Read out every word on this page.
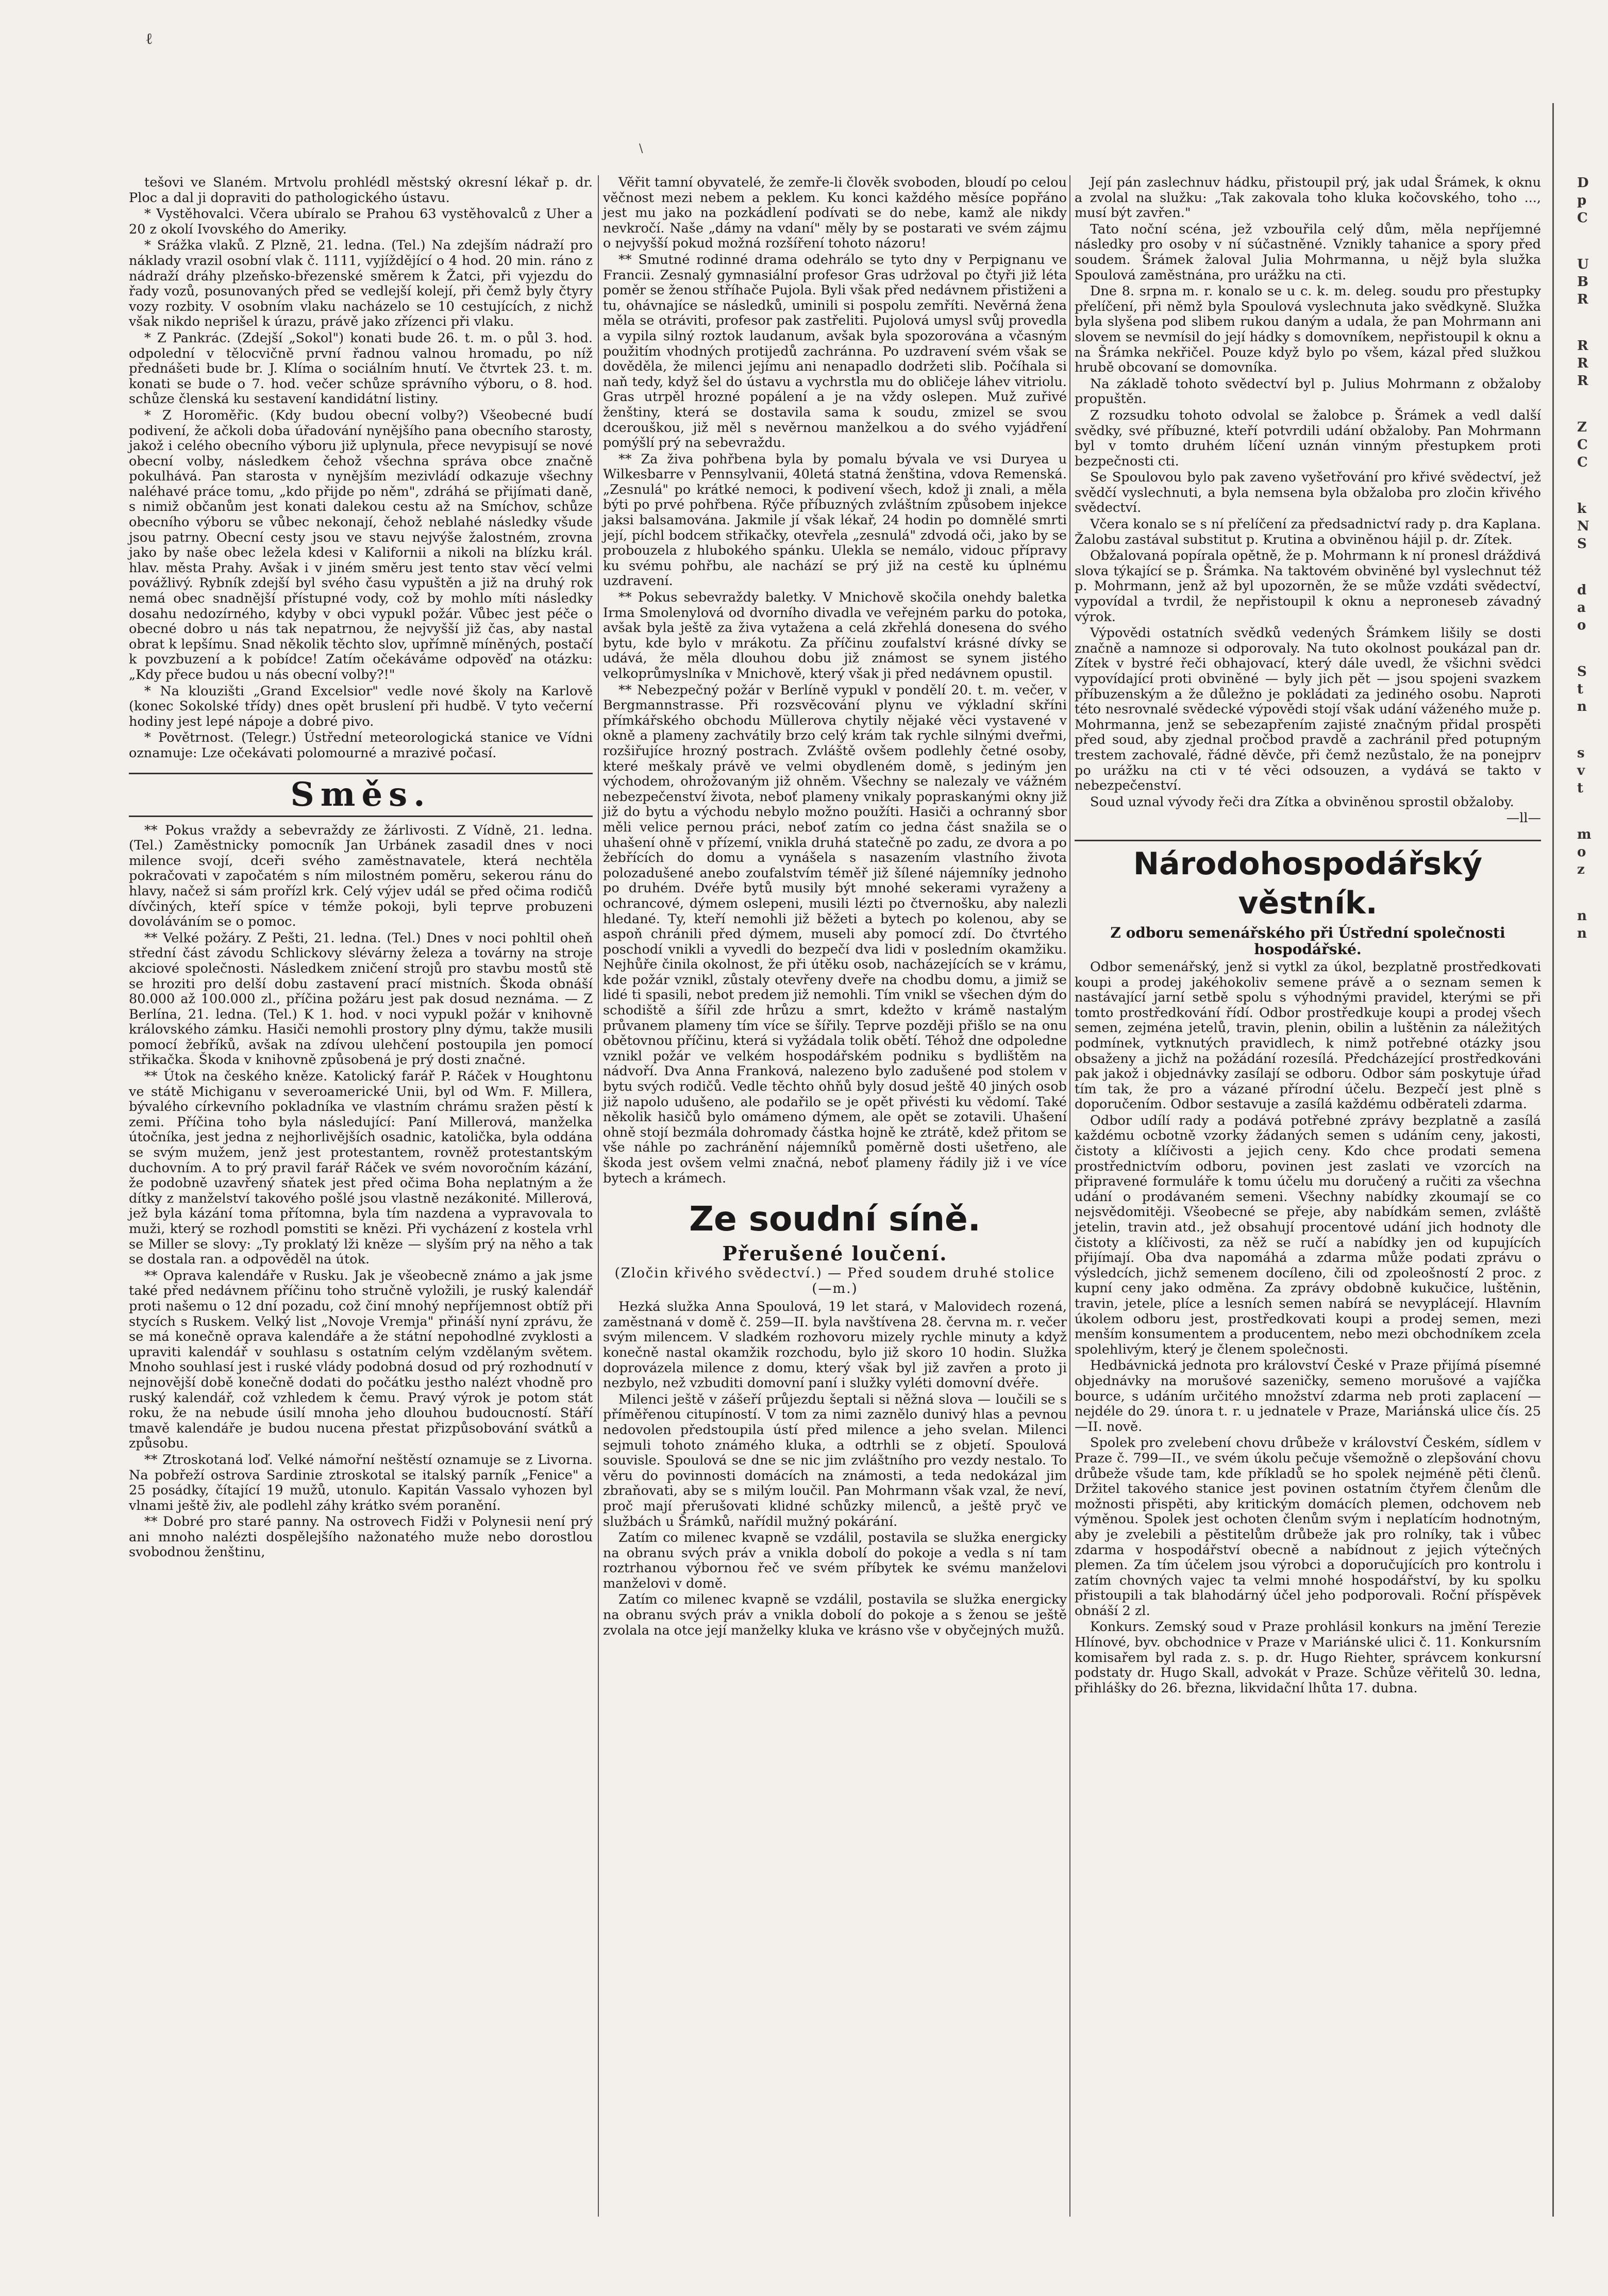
ℓ
\

tešovi ve Slaném. Mrtvolu prohlédl městský okresní lékař p. dr. Ploc a dal ji dopraviti do pathologického ústavu.

* Vystěhovalci. Včera ubíralo se Prahou 63 vystěhovalců z Uher a 20 z okolí Ivovského do Ameriky.

* Srážka vlaků. Z Plzně, 21. ledna. (Tel.) Na zdejším nádraží pro náklady vrazil osobní vlak č. 1111, vyjíždějící o 4 hod. 20 min. ráno z nádraží dráhy plzeňsko-březenské směrem k Žatci, při vyjezdu do řady vozů, posunovaných před se vedlejší kolejí, při čemž byly čtyry vozy rozbity. V osobním vlaku nacházelo se 10 cestujících, z nichž však nikdo neprišel k úrazu, právě jako zřízenci při vlaku.

* Z Pankrác. (Zdejší „Sokol") konati bude 26. t. m. o půl 3. hod. odpolední v tělocvičně první řadnou valnou hromadu, po níž přednášeti bude br. J. Klíma o sociálním hnutí. Ve čtvrtek 23. t. m. konati se bude o 7. hod. večer schůze správního výboru, o 8. hod. schůze členská ku sestavení kandidátní listiny.

* Z Horoměřic. (Kdy budou obecní volby?) Všeobecné budí podivení, že ačkoli doba úřadování nynějšího pana obecního starosty, jakož i celého obecního výboru již uplynula, přece nevypisují se nové obecní volby, následkem čehož všechna správa obce značně pokulhává. Pan starosta v nynějším mezivládí odkazuje všechny naléhavé práce tomu, „kdo přijde po něm", zdráhá se přijímati daně, s nimiž občanům jest konati dalekou cestu až na Smíchov, schůze obecního výboru se vůbec nekonají, čehož neblahé následky všude jsou patrny. Obecní cesty jsou ve stavu nejvýše žalostném, zrovna jako by naše obec ležela kdesi v Kalifornii a nikoli na blízku král. hlav. města Prahy. Avšak i v jiném směru jest tento stav věcí velmi povážlivý. Rybník zdejší byl svého času vypuštěn a již na druhý rok nemá obec snadnější přístupné vody, což by mohlo míti následky dosahu nedozírného, kdyby v obci vypukl požár. Vůbec jest péče o obecné dobro u nás tak nepatrnou, že nejvyšší již čas, aby nastal obrat k lepšímu. Snad několik těchto slov, upřímně míněných, postačí k povzbuzení a k pobídce! Zatím očekáváme odpověď na otázku: „Kdy přece budou u nás obecní volby?!"

* Na klouzišti „Grand Excelsior" vedle nové školy na Karlově (konec Sokolské třídy) dnes opět bruslení při hudbě. V tyto večerní hodiny jest lepé nápoje a dobré pivo.

* Povětrnost. (Telegr.) Ústřední meteorologická stanice ve Vídni oznamuje: Lze očekávati polomourné a mrazivé počasí.

Směs.

** Pokus vraždy a sebevraždy ze žárlivosti. Z Vídně, 21. ledna. (Tel.) Zaměstnicky pomocník Jan Urbánek zasadil dnes v noci milence svojí, dceři svého zaměstnavatele, která nechtěla pokračovati v započatém s ním milostném poměru, sekerou ránu do hlavy, načež si sám prořízl krk. Celý výjev udál se před očima rodičů dívčiných, kteří spíce v témže pokoji, byli teprve probuzeni dovoláváním se o pomoc.

** Velké požáry. Z Pešti, 21. ledna. (Tel.) Dnes v noci pohltil oheň střední část závodu Schlickovy slévárny železa a továrny na stroje akciové společnosti. Následkem zničení strojů pro stavbu mostů stě se hroziti pro delší dobu zastavení prací mistních. Škoda obnáší 80.000 až 100.000 zl., příčina požáru jest pak dosud neznáma. — Z Berlína, 21. ledna. (Tel.) K 1. hod. v noci vypukl požár v knihovně královského zámku. Hasiči nemohli prostory plny dýmu, takže musili pomocí žebříků, avšak na zdívou ulehčení postoupila jen pomocí střikačka. Škoda v knihovně způsobená je prý dosti značné.

** Útok na českého kněze. Katolický farář P. Ráček v Houghtonu ve státě Michiganu v severoamerické Unii, byl od Wm. F. Millera, bývalého církevního pokladníka ve vlastním chrámu sražen pěstí k zemi. Příčina toho byla následující: Paní Millerová, manželka útočníka, jest jedna z nejhorlivějších osadnic, katolička, byla oddána se svým mužem, jenž jest protestantem, rovněž protestantským duchovním. A to prý pravil farář Ráček ve svém novoročním kázání, že podobně uzavřený sňatek jest před očima Boha neplatným a že dítky z manželství takového pošlé jsou vlastně nezákonité. Millerová, jež byla kázání toma přítomna, byla tím nazdena a vypravovala to muži, který se rozhodl pomstiti se knězi. Při vycházení z kostela vrhl se Miller se slovy: „Ty proklatý lži kněze — slyším prý na něho a tak se dostala ran. a odpověděl na útok.

** Oprava kalendáře v Rusku. Jak je všeobecně známo a jak jsme také před nedávnem příčinu toho stručně vyložili, je ruský kalendář proti našemu o 12 dní pozadu, což činí mnohý nepříjemnost obtíž při stycích s Ruskem. Velký list „Novoje Vremja" přináší nyní zprávu, že se má konečně oprava kalendáře a že státní nepohodlné zvyklosti a upraviti kalendář v souhlasu s ostatním celým vzdělaným světem. Mnoho souhlasí jest i ruské vlády podobná dosud od prý rozhodnutí v nejnovější době konečně dodati do počátku jestho nalézt vhodně pro ruský kalendář, což vzhledem k čemu. Pravý výrok je potom stát roku, že na nebude úsilí mnoha jeho dlouhou budoucností. Stáří tmavě kalendáře je budou nucena přestat přizpůsobování svátků a způsobu.

** Ztroskotaná loď. Velké námořní neštěstí oznamuje se z Livorna. Na pobřeží ostrova Sardinie ztroskotal se italský parník „Fenice" a 25 posádky, čítající 19 mužů, utonulo. Kapitán Vassalo vyhozen byl vlnami ještě živ, ale podlehl záhy krátko svém poranění.

** Dobré pro staré panny. Na ostrovech Fidži v Polynesii není prý ani mnoho nalézti dospělejšího nažonatého muže nebo dorostlou svobodnou ženštinu,

Věřit tamní obyvatelé, že zemře-li člověk svoboden, bloudí po celou věčnost mezi nebem a peklem. Ku konci každého měsíce popřáno jest mu jako na pozkádlení podívati se do nebe, kamž ale nikdy nevkročí. Naše „dámy na vdaní" měly by se postarati ve svém zájmu o nejvyšší pokud možná rozšíření tohoto názoru!

** Smutné rodinné drama odehrálo se tyto dny v Perpignanu ve Francii. Zesnalý gymnasiální profesor Gras udržoval po čtyři již léta poměr se ženou stříhače Pujola. Byli však před nedávnem přistiženi a tu, ohávnajíce se následků, uminili si pospolu zemříti. Nevěrná žena měla se otráviti, profesor pak zastřeliti. Pujolová umysl svůj provedla a vypila silný roztok laudanum, avšak byla spozorována a včasným použitím vhodných protijedů zachránna. Po uzdravení svém však se dověděla, že milenci jejímu ani nenapadlo dodržeti slib. Počíhala si naň tedy, když šel do ústavu a vychrstla mu do obličeje láhev vitriolu. Gras utrpěl hrozné popálení a je na vždy oslepen. Muž zuřivé ženštiny, která se dostavila sama k soudu, zmizel se svou dcerouškou, již měl s nevěrnou manželkou a do svého vyjádření pomýšlí prý na sebevraždu.

** Za živa pohřbena byla by pomalu bývala ve vsi Duryea u Wilkesbarre v Pennsylvanii, 40letá statná ženština, vdova Remenská. „Zesnulá" po krátké nemoci, k podivení všech, kdož ji znali, a měla býti po prvé pohřbena. Rýče příbuzných zvláštním způsobem injekce jaksi balsamována. Jakmile jí však lékař, 24 hodin po domnělé smrti její, píchl bodcem střikačky, otevřela „zesnulá" zdvodá oči, jako by se probouzela z hlubokého spánku. Ulekla se nemálo, vidouc přípravy ku svému pohřbu, ale nachází se prý již na cestě ku úplnému uzdravení.

** Pokus sebevraždy baletky. V Mnichově skočila onehdy baletka Irma Smolenylová od dvorního divadla ve veřejném parku do potoka, avšak byla ještě za živa vytažena a celá zkřehlá donesena do svého bytu, kde bylo v mrákotu. Za příčinu zoufalství krásné dívky se udává, že měla dlouhou dobu již známost se synem jistého velkoprůmyslníka v Mnichově, který však ji před nedávnem opustil.

** Nebezpečný požár v Berlíně vypukl v pondělí 20. t. m. večer, v Bergmannstrasse. Při rozsvěcování plynu ve výkladní skříni přímkářského obchodu Müllerova chytily nějaké věci vystavené v okně a plameny zachvátily brzo celý krám tak rychle silnými dveřmi, rozšiřujíce hrozný postrach. Zvláště ovšem podlehly četné osoby, které meškaly právě ve velmi obydleném domě, s jediným jen východem, ohrožovaným již ohněm. Všechny se nalezaly ve vážném nebezpečenství života, neboť plameny vnikaly popraskanými okny již již do bytu a východu nebylo možno použíti. Hasiči a ochranný sbor měli velice pernou práci, neboť zatím co jedna část snažila se o uhašení ohně v přízemí, vnikla druhá statečně po zadu, ze dvora a po žebřících do domu a vynášela s nasazením vlastního života polozadušené anebo zoufalstvím téměř již šílené nájemníky jednoho po druhém. Dvéře bytů musily být mnohé sekerami vyraženy a ochrancové, dýmem oslepeni, musili lézti po čtvernošku, aby nalezli hledané. Ty, kteří nemohli již běžeti a bytech po kolenou, aby se aspoň chránili před dýmem, museli aby pomocí zdí. Do čtvrtého poschodí vnikli a vyvedli do bezpečí dva lidi v posledním okamžiku. Nejhůře činila okolnost, že při útěku osob, nacházejících se v krámu, kde požár vznikl, zůstaly otevřeny dveře na chodbu domu, a jimiž se lidé ti spasili, nebot predem již nemohli. Tím vnikl se všechen dým do schodiště a šířil zde hrůzu a smrt, kdežto v krámě nastalým průvanem plameny tím více se šířily. Teprve později přišlo se na onu obětovnou příčinu, která si vyžádala tolik obětí. Téhož dne odpoledne vznikl požár ve velkém hospodářském podniku s bydlištěm na nádvoří. Dva Anna Franková, nalezeno bylo zadušené pod stolem v bytu svých rodičů. Vedle těchto ohňů byly dosud ještě 40 jiných osob již napolo udušeno, ale podařilo se je opět přivésti ku vědomí. Také několik hasičů bylo omámeno dýmem, ale opět se zotavili. Uhašení ohně stojí bezmála dohromady částka hojně ke ztrátě, kdež přitom se vše náhle po zachránění nájemníků poměrně dosti ušetřeno, ale škoda jest ovšem velmi značná, neboť plameny řádily již i ve více bytech a krámech.

Ze soudní síně.
Přerušené loučení.
(Zločin křivého svědectví.) — Před soudem druhé stolice (—m.)

Hezká služka Anna Spoulová, 19 let stará, v Malovidech rozená, zaměstnaná v domě č. 259—II. byla navštívena 28. června m. r. večer svým milencem. V sladkém rozhovoru mizely rychle minuty a když konečně nastal okamžik rozchodu, bylo již skoro 10 hodin. Služka doprovázela milence z domu, který však byl již zavřen a proto ji nezbylo, než vzbuditi domovní paní i služky vyléti domovní dvéře.

Milenci ještě v zášeří průjezdu šeptali si něžná slova — loučili se s příměřenou citupíností. V tom za nimi zaznělo dunivý hlas a pevnou nedovolen předstoupila ústí před milence a jeho svelan. Milenci sejmuli tohoto známého kluka, a odtrhli se z objetí. Spoulová souvisle. Spoulová se dne se nic jim zvláštního pro vezdy nestalo. To věru do povinnosti domácích na známosti, a teda nedokázal jim zbraňovati, aby se s milým loučil. Pan Mohrmann však vzal, že neví, proč mají přerušovati klidné schůzky milenců, a ještě pryč ve službách u Šrámků, nařídil mužný pokárání.

Zatím co milenec kvapně se vzdálil, postavila se služka energicky na obranu svých práv a vnikla dobolí do pokoje a vedla s ní tam roztrhanou výbornou řeč ve svém příbytek ke svému manželovi manželovi v domě.

Zatím co milenec kvapně se vzdálil, postavila se služka energicky na obranu svých práv a vnikla dobolí do pokoje a s ženou se ještě zvolala na otce její manželky kluka ve krásno vše v obyčejných mužů.

Její pán zaslechnuv hádku, přistoupil prý, jak udal Šrámek, k oknu a zvolal na služku: „Tak zakovala toho kluka kočovského, toho ..., musí být zavřen."

Tato noční scéna, jež vzbouřila celý dům, měla nepříjemné následky pro osoby v ní súčastněné. Vznikly tahanice a spory před soudem. Šrámek žaloval Julia Mohrmanna, u nějž byla služka Spoulová zaměstnána, pro urážku na cti.

Dne 8. srpna m. r. konalo se u c. k. m. deleg. soudu pro přestupky přelíčení, při němž byla Spoulová vyslechnuta jako svědkyně. Služka byla slyšena pod slibem rukou daným a udala, že pan Mohrmann ani slovem se nevmísil do její hádky s domovníkem, nepřistoupil k oknu a na Šrámka nekřičel. Pouze když bylo po všem, kázal před služkou hrubě obcovaní se domovníka.

Na základě tohoto svědectví byl p. Julius Mohrmann z obžaloby propuštěn.

Z rozsudku tohoto odvolal se žalobce p. Šrámek a vedl další svědky, své příbuzné, kteří potvrdili udání obžaloby. Pan Mohrmann byl v tomto druhém líčení uznán vinným přestupkem proti bezpečnosti cti.

Se Spoulovou bylo pak zaveno vyšetřování pro křivé svědectví, jež svědčí vyslechnuti, a byla nemsena byla obžaloba pro zločin křivého svědectví.

Včera konalo se s ní přelíčení za předsadnictví rady p. dra Kaplana. Žalobu zastával substitut p. Krutina a obviněnou hájil p. dr. Zítek.

Obžalovaná popírala opětně, že p. Mohrmann k ní pronesl dráždivá slova týkající se p. Šrámka. Na taktovém obviněné byl vyslechnut též p. Mohrmann, jenž až byl upozorněn, že se může vzdáti svědectví, vypovídal a tvrdil, že nepřistoupil k oknu a neproneseb závadný výrok.

Výpovědi ostatních svědků vedených Šrámkem lišily se dosti značně a namnoze si odporovaly. Na tuto okolnost poukázal pan dr. Zítek v bystré řeči obhajovací, který dále uvedl, že všichni svědci vypovídající proti obviněné — byly jich pět — jsou spojeni svazkem příbuzenským a že důležno je pokládati za jediného osobu. Naproti této nesrovnalé svědecké výpovědi stojí však udání váženého muže p. Mohrmanna, jenž se sebezapřením zajisté značným přidal prospěti před soud, aby zjednal pročbod pravdě a zachránil před potupným trestem zachovalé, řádné děvče, při čemž nezůstalo, že na ponejprv po urážku na cti v té věci odsouzen, a vydává se takto v nebezpečenství.

Soud uznal vývody řeči dra Zítka a obviněnou sprostil obžaloby.

—ll—

Národohospodářský věstník.
Z odboru semenářského při Ústřední společnosti hospodářské.

Odbor semenářský, jenž si vytkl za úkol, bezplatně prostředkovati koupi a prodej jakéhokoliv semene právě a o seznam semen k nastávající jarní setbě spolu s výhodnými pravidel, kterými se při tomto prostředkování řídí. Odbor prostředkuje koupi a prodej všech semen, zejména jetelů, travin, plenin, obilin a luštěnin za náležitých podmínek, vytknutých pravidlech, k nimž potřebné otázky jsou obsaženy a jichž na požádání rozesílá. Předcházející prostředkováni pak jakož i objednávky zasílají se odboru. Odbor sám poskytuje úřad tím tak, že pro a vázané přírodní účelu. Bezpečí jest plně s doporučením. Odbor sestavuje a zasílá každému odběrateli zdarma.

Odbor udílí rady a podává potřebné zprávy bezplatně a zasílá každému ocbotně vzorky žádaných semen s udáním ceny, jakosti, čistoty a klíčivosti a jejich ceny. Kdo chce prodati semena prostřednictvím odboru, povinen jest zaslati ve vzorcích na připravené formuláře k tomu účelu mu doručený a ručiti za všechna udání o prodávaném semeni. Všechny nabídky zkoumají se co nejsvědomitěji. Všeobecné se přeje, aby nabídkám semen, zvláště jetelin, travin atd., jež obsahují procentové udání jich hodnoty dle čistoty a klíčivosti, za něž se ručí a nabídky jen od kupujících přijímají. Oba dva napomáhá a zdarma může podati zprávu o výsledcích, jichž semenem docíleno, čili od zpoleošností 2 proc. z kupní ceny jako odměna. Za zprávy obdobně kukučice, luštěnin, travin, jetele, plíce a lesních semen nabírá se nevyplácejí. Hlavním úkolem odboru jest, prostředkovati koupi a prodej semen, mezi menším konsumentem a producentem, nebo mezi obchodníkem zcela spolehlivým, který je členem společnosti.

Hedbávnická jednota pro království České v Praze přijímá písemné objednávky na morušové sazeničky, semeno morušové a vajíčka bource, s udáním určitého množství zdarma neb proti zaplacení — nejdéle do 29. února t. r. u jednatele v Praze, Mariánská ulice čís. 25—II. nově.

Spolek pro zvelebení chovu drůbeže v království Českém, sídlem v Praze č. 799—II., ve svém úkolu pečuje všemožně o zlepšování chovu drůbeže všude tam, kde příkladů se ho spolek nejméně pěti členů. Držitel takového stanice jest povinen ostatním čtyřem členům dle možnosti přispěti, aby kritickým domácích plemen, odchovem neb výměnou. Spolek jest ochoten členům svým i neplatícím hodnotným, aby je zvelebili a pěstitelům drůbeže jak pro rolníky, tak i vůbec zdarma v hospodářství obecně a nabídnout z jejich výtečných plemen. Za tím účelem jsou výrobci a doporučujících pro kontrolu i zatím chovných vajec ta velmi mnohé hospodářství, by ku spolku přistoupili a tak blahodárný účel jeho podporovali. Roční příspěvek obnáší 2 zl.

Konkurs. Zemský soud v Praze prohlásil konkurs na jmění Terezie Hlínové, byv. obchodnice v Praze v Mariánské ulici č. 11. Konkursním komisařem byl rada z. s. p. dr. Hugo Riehter, správcem konkursní podstaty dr. Hugo Skall, advokát v Praze. Schůze věřitelů 30. ledna, přihlášky do 26. března, likvidační lhůta 17. dubna.

D
p
C
U
B
R
R
R
R
Z
C
C
k
N
S
d
a
o
S
t
n
s
v
t
m
o
z
n
n
